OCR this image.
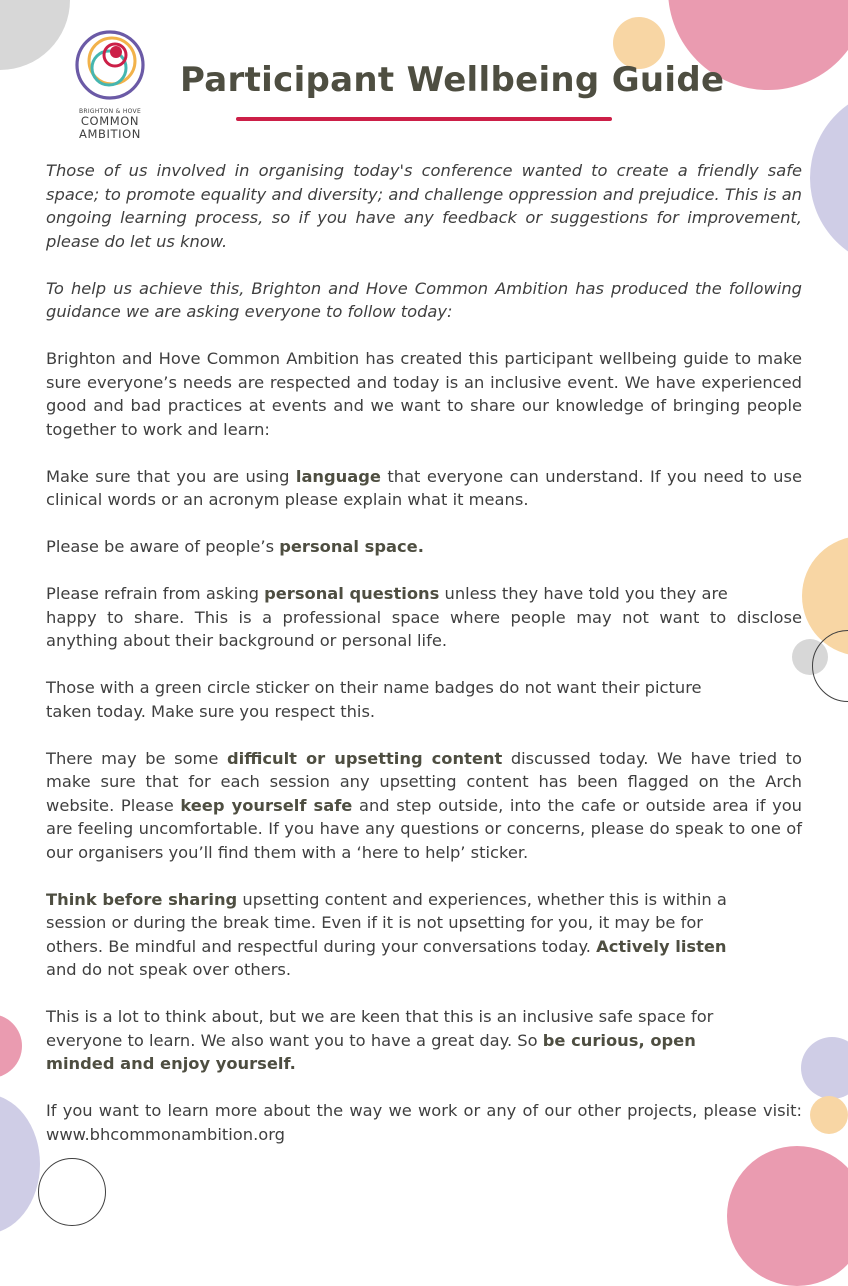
BRIGHTON & HOVE
COMMON
AMBITION
Participant Wellbeing Guide

Those of us involved in organising today's conference wanted to create a friendly safe space; to promote equality and diversity; and challenge oppression and prejudice. This is an ongoing learning process, so if you have any feedback or suggestions for improvement, please do let us know.

To help us achieve this, Brighton and Hove Common Ambition has produced the following guidance we are asking everyone to follow today:

Brighton and Hove Common Ambition has created this participant wellbeing guide to make sure everyone’s needs are respected and today is an inclusive event. We have experienced good and bad practices at events and we want to share our knowledge of bringing people together to work and learn:

Make sure that you are using language that everyone can understand. If you need to use clinical words or an acronym please explain what it means.

Please be aware of people’s personal space.

Please refrain from asking personal questions unless they have told you they are
happy to share. This is a professional space where people may not want to disclose anything about their background or personal life.

Those with a green circle sticker on their name badges do not want their picture
taken today. Make sure you respect this.

There may be some difficult or upsetting content discussed today. We have tried to make sure that for each session any upsetting content has been flagged on the Arch website. Please keep yourself safe and step outside, into the cafe or outside area if you are feeling uncomfortable. If you have any questions or concerns, please do speak to one of our organisers you’ll find them with a ‘here to help’ sticker.

Think before sharing upsetting content and experiences, whether this is within a
session or during the break time. Even if it is not upsetting for you, it may be for
others. Be mindful and respectful during your conversations today. Actively listen
and do not speak over others.

This is a lot to think about, but we are keen that this is an inclusive safe space for
everyone to learn. We also want you to have a great day. So be curious, open
minded and enjoy yourself.

If you want to learn more about the way we work or any of our other projects, please visit: www.bhcommonambition.org
